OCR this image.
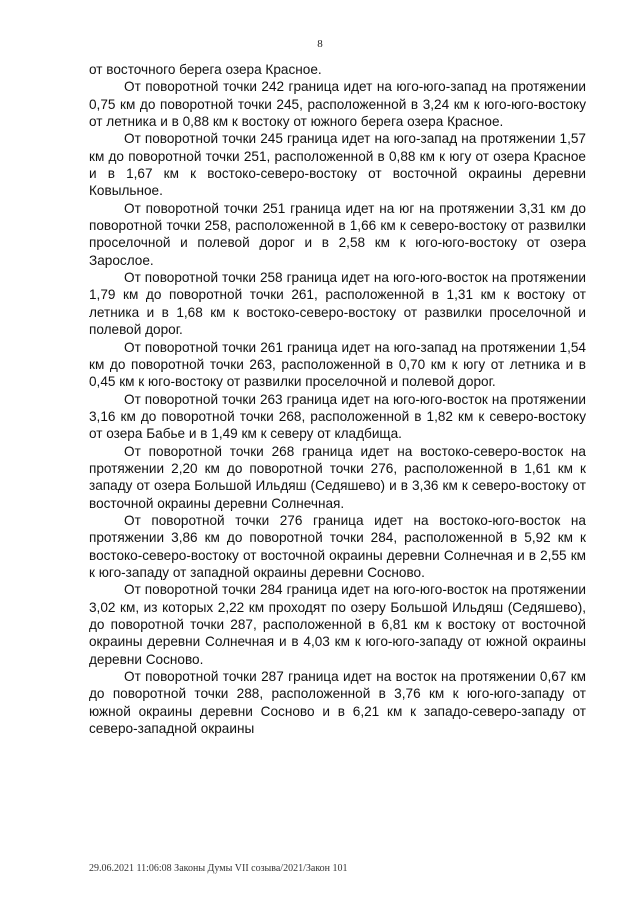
8

от восточного берега озера Красное.

От поворотной точки 242 граница идет на юго-юго-запад на протяжении 0,75 км до поворотной точки 245, расположенной в 3,24 км к юго-юго-востоку от летника и в 0,88 км к востоку от южного берега озера Красное.

От поворотной точки 245 граница идет на юго-запад на протяжении 1,57 км до поворотной точки 251, расположенной в 0,88 км к югу от озера Красное и в 1,67 км к востоко-северо-востоку от восточной окраины деревни Ковыльное.

От поворотной точки 251 граница идет на юг на протяжении 3,31 км до поворотной точки 258, расположенной в 1,66 км к северо-востоку от развилки проселочной и полевой дорог и в 2,58 км к юго-юго-востоку от озера Зарослое.

От поворотной точки 258 граница идет на юго-юго-восток на протяжении 1,79 км до поворотной точки 261, расположенной в 1,31 км к востоку от летника и в 1,68 км к востоко-северо-востоку от развилки проселочной и полевой дорог.

От поворотной точки 261 граница идет на юго-запад на протяжении 1,54 км до поворотной точки 263, расположенной в 0,70 км к югу от летника и в 0,45 км к юго-востоку от развилки проселочной и полевой дорог.

От поворотной точки 263 граница идет на юго-юго-восток на протяжении 3,16 км до поворотной точки 268, расположенной в 1,82 км к северо-востоку от озера Бабье и в 1,49 км к северу от кладбища.

От поворотной точки 268 граница идет на востоко-северо-восток на протяжении 2,20 км до поворотной точки 276, расположенной в 1,61 км к западу от озера Большой Ильдяш (Седяшево) и в 3,36 км к северо-востоку от восточной окраины деревни Солнечная.

От поворотной точки 276 граница идет на востоко-юго-восток на протяжении 3,86 км до поворотной точки 284, расположенной в 5,92 км к востоко-северо-востоку от восточной окраины деревни Солнечная и в 2,55 км к юго-западу от западной окраины деревни Сосново.

От поворотной точки 284 граница идет на юго-юго-восток на протяжении 3,02 км, из которых 2,22 км проходят по озеру Большой Ильдяш (Седяшево), до поворотной точки 287, расположенной в 6,81 км к востоку от восточной окраины деревни Солнечная и в 4,03 км к юго-юго-западу от южной окраины деревни Сосново.

От поворотной точки 287 граница идет на восток на протяжении 0,67 км до поворотной точки 288, расположенной в 3,76 км к юго-юго-западу от южной окраины деревни Сосново и в 6,21 км к западо-северо-западу от северо-западной окраины

29.06.2021 11:06:08 Законы Думы VII созыва/2021/Закон 101
